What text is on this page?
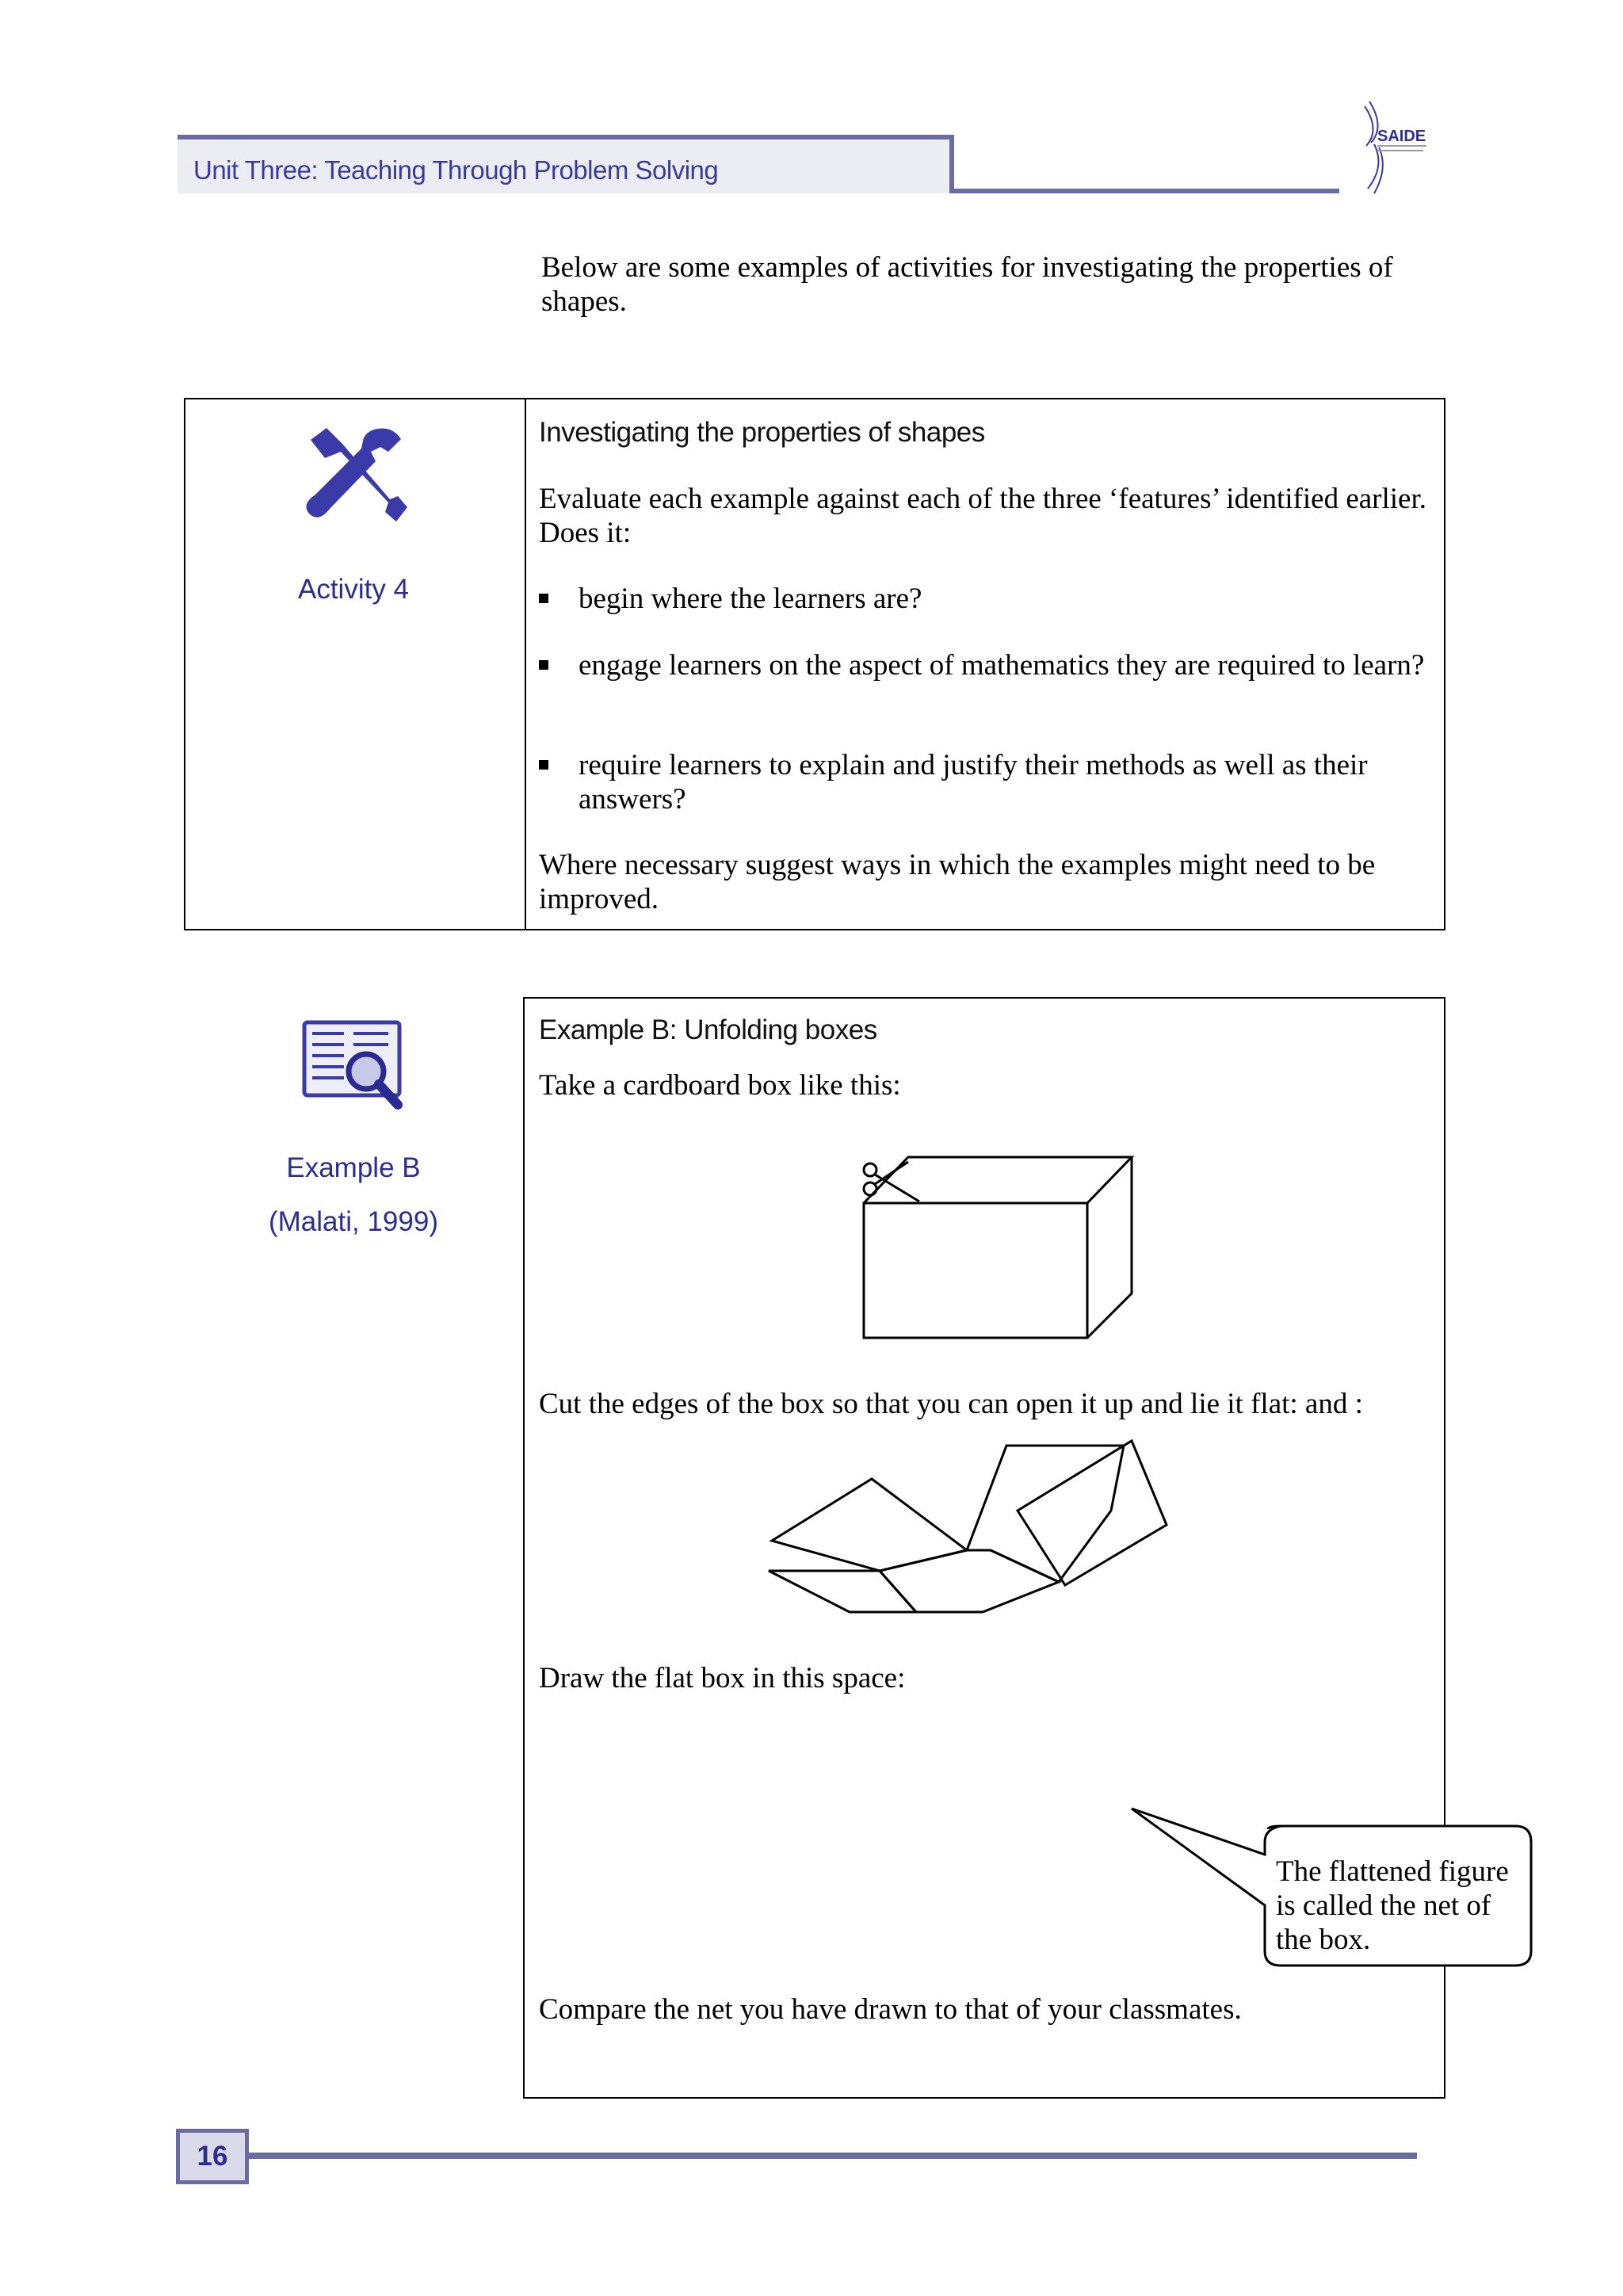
Unit Three: Teaching Through Problem Solving
SAIDE
Below are some examples of activities for investigating the properties of shapes.
Activity 4
Investigating the properties of shapes
Evaluate each example against each of the three ‘features’ identified earlier. Does it:
begin where the learners are?
engage learners on the aspect of mathematics they are required to learn?
require learners to explain and justify their methods as well as their answers?
Where necessary suggest ways in which the examples might need to be improved.
Example B
(Malati, 1999)
Example B: Unfolding boxes
Take a cardboard box like this:
Cut the edges of the box so that you can open it up and lie it flat: and :
Draw the flat box in this space:
The flattened figure is called the net of the box.
Compare the net you have drawn to that of your classmates.
16
